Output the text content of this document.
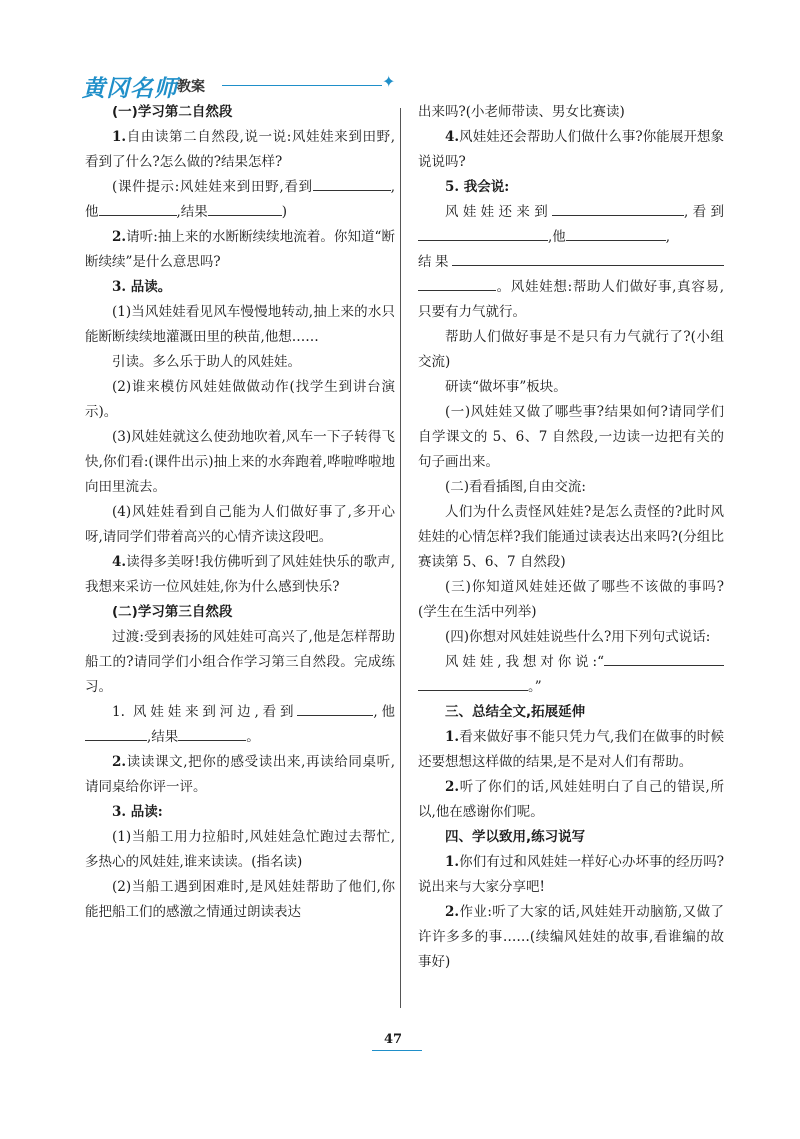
黄冈名师 教案	✦

(一)学习第二自然段

1.自由读第二自然段,说一说:风娃娃来到田野,看到了什么?怎么做的?结果怎样?

(课件提示:风娃娃来到田野,看到	,他	,结果	)

2.请听:抽上来的水断断续续地流着。你知道“断断续续”是什么意思吗?

3. 品读。

(1)当风娃娃看见风车慢慢地转动,抽上来的水只能断断续续地灌溉田里的秧苗,他想……

引读。多么乐于助人的风娃娃。

(2)谁来模仿风娃娃做做动作(找学生到讲台演示)。

(3)风娃娃就这么使劲地吹着,风车一下子转得飞快,你们看:(课件出示)抽上来的水奔跑着,哗啦哗啦地向田里流去。

(4)风娃娃看到自己能为人们做好事了,多开心呀,请同学们带着高兴的心情齐读这段吧。

4.读得多美呀!我仿佛听到了风娃娃快乐的歌声,我想来采访一位风娃娃,你为什么感到快乐?

(二)学习第三自然段

过渡:受到表扬的风娃娃可高兴了,他是怎样帮助船工的?请同学们小组合作学习第三自然段。完成练习。

1. 风娃娃来到河边,看到	,他,结果	。

2.读读课文,把你的感受读出来,再读给同桌听,请同桌给你评一评。

3. 品读:

(1)当船工用力拉船时,风娃娃急忙跑过去帮忙,多热心的风娃娃,谁来读读。(指名读)

(2)当船工遇到困难时,是风娃娃帮助了他们,你能把船工们的感激之情通过朗读表达

出来吗?(小老师带读、男女比赛读)

4.风娃娃还会帮助人们做什么事?你能展开想象说说吗?

5. 我会说:

风娃娃还来到	,看到,他	,

结果。风娃娃想:帮助人们做好事,真容易,只要有力气就行。

帮助人们做好事是不是只有力气就行了?(小组交流)

研读“做坏事”板块。

(一)风娃娃又做了哪些事?结果如何?请同学们自学课文的 5、6、7 自然段,一边读一边把有关的句子画出来。

(二)看看插图,自由交流:

人们为什么责怪风娃娃?是怎么责怪的?此时风娃娃的心情怎样?我们能通过读表达出来吗?(分组比赛读第 5、6、7 自然段)

(三)你知道风娃娃还做了哪些不该做的事吗?(学生在生活中列举)

(四)你想对风娃娃说些什么?用下列句式说话:

风娃娃,我想对你说:“。”

三、总结全文,拓展延伸

1.看来做好事不能只凭力气,我们在做事的时候还要想想这样做的结果,是不是对人们有帮助。

2.听了你们的话,风娃娃明白了自己的错误,所以,他在感谢你们呢。

四、学以致用,练习说写

1.你们有过和风娃娃一样好心办坏事的经历吗?说出来与大家分享吧!

2.作业:听了大家的话,风娃娃开动脑筋,又做了许许多多的事……(续编风娃娃的故事,看谁编的故事好)

47
